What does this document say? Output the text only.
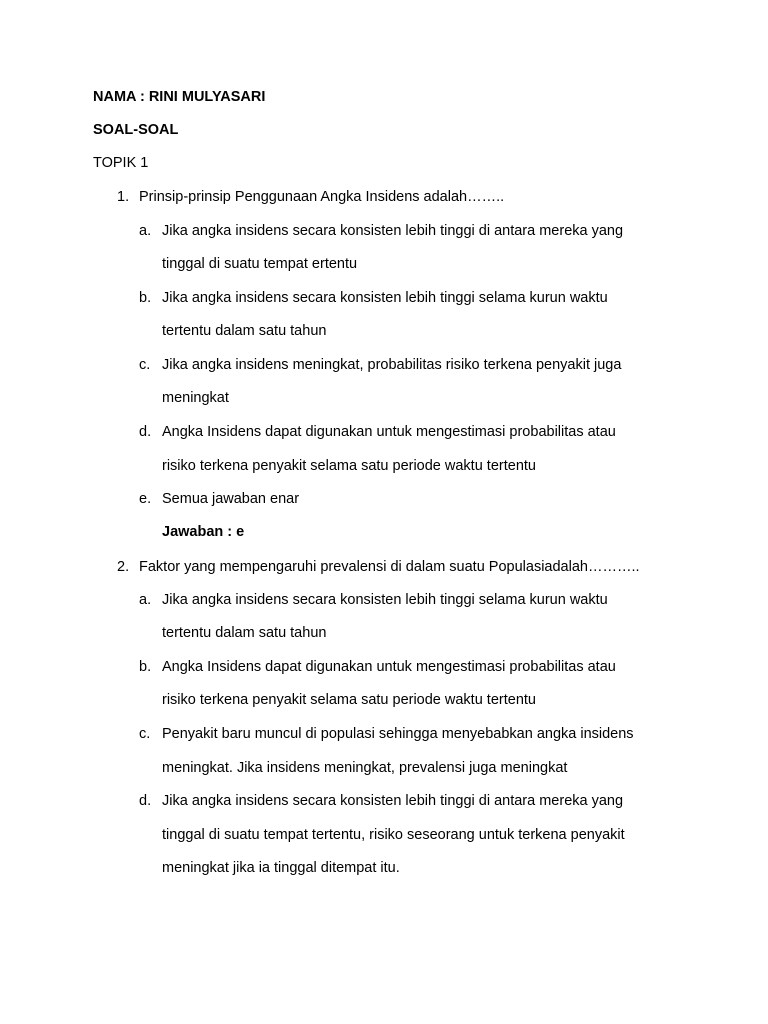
NAMA : RINI MULYASARI
SOAL-SOAL
TOPIK 1
1. Prinsip-prinsip Penggunaan Angka Insidens adalah……..
a. Jika angka insidens secara konsisten lebih tinggi di antara mereka yang
tinggal di suatu tempat ertentu
b. Jika angka insidens secara konsisten lebih tinggi selama kurun waktu
tertentu dalam satu tahun
c. Jika angka insidens meningkat, probabilitas risiko terkena penyakit juga
meningkat
d. Angka Insidens dapat digunakan untuk mengestimasi probabilitas atau
risiko terkena penyakit selama satu periode waktu tertentu
e. Semua jawaban enar
Jawaban : e
2. Faktor yang mempengaruhi prevalensi di dalam suatu Populasiadalah………..
a. Jika angka insidens secara konsisten lebih tinggi selama kurun waktu
tertentu dalam satu tahun
b. Angka Insidens dapat digunakan untuk mengestimasi probabilitas atau
risiko terkena penyakit selama satu periode waktu tertentu
c. Penyakit baru muncul di populasi sehingga menyebabkan angka insidens
meningkat. Jika insidens meningkat, prevalensi juga meningkat
d. Jika angka insidens secara konsisten lebih tinggi di antara mereka yang
tinggal di suatu tempat tertentu, risiko seseorang untuk terkena penyakit
meningkat jika ia tinggal ditempat itu.
